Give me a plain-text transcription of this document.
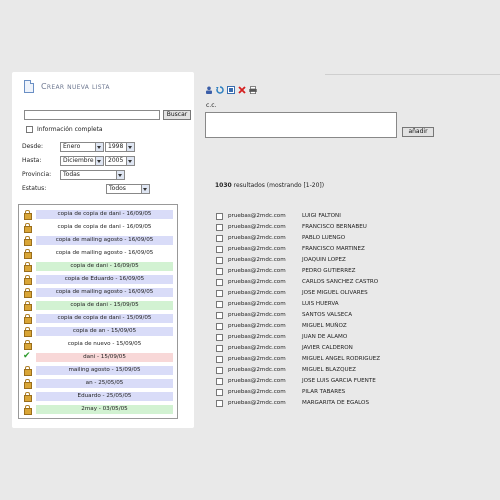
Crear nueva lista
Buscar
Información completa
Desde:	Enero	1998
Hasta:	Diciembre	2005
Provincia:	Todas
Estatus:	Todos
copia de copia de dani - 16/09/05
copia de copia de dani - 16/09/05
copia de mailing agosto - 16/09/05
copia de mailing agosto - 16/09/05
copia de dani - 16/09/05
copia de Eduardo - 16/09/05
copia de mailing agosto - 16/09/05
copia de dani - 15/09/05
copia de copia de dani - 15/09/05
copia de an - 15/09/05
copia de nuevo - 15/09/05
✔	dani - 15/09/05
mailing agosto - 15/09/05
an - 25/05/05
Eduardo - 25/05/05
2may - 03/05/05
c.c.
añadir
1030 resultados (mostrando [1-20])
pruebas@2mdc.com	LUIGI FALTONI
pruebas@2mdc.com	FRANCISCO BERNABEU
pruebas@2mdc.com	PABLO LUENGO
pruebas@2mdc.com	FRANCISCO MARTINEZ
pruebas@2mdc.com	JOAQUIN LOPEZ
pruebas@2mdc.com	PEDRO GUTIERREZ
pruebas@2mdc.com	CARLOS SANCHEZ CASTRO
pruebas@2mdc.com	JOSE MIGUEL OLIVARES
pruebas@2mdc.com	LUIS HUERVA
pruebas@2mdc.com	SANTOS VALSECA
pruebas@2mdc.com	MIGUEL MUÑOZ
pruebas@2mdc.com	JUAN DE ALAMO
pruebas@2mdc.com	JAVIER CALDERON
pruebas@2mdc.com	MIGUEL ANGEL RODRIGUEZ
pruebas@2mdc.com	MIGUEL BLAZQUEZ
pruebas@2mdc.com	JOSE LUIS GARCIA FUENTE
pruebas@2mdc.com	PILAR TABARES
pruebas@2mdc.com	MARGARITA DE EGALOS
